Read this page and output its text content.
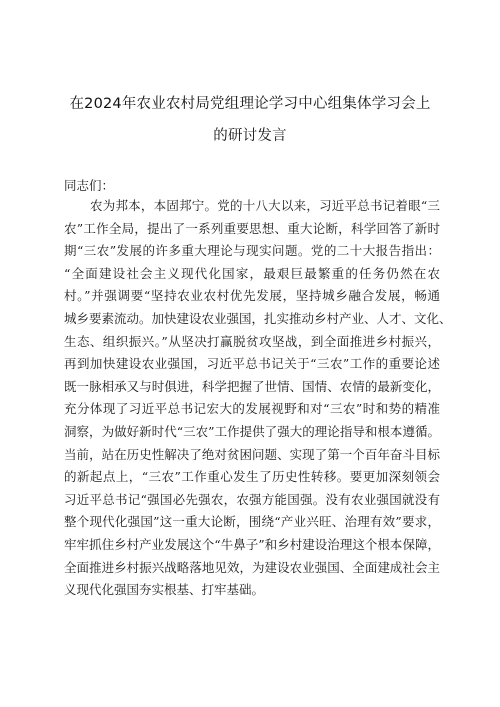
在2024年农业农村局党组理论学习中心组集体学习会上
的研讨发言
同志们：
农为邦本，本固邦宁。党的十八大以来，习近平总书记着眼“三
农”工作全局，提出了一系列重要思想、重大论断，科学回答了新时
期“三农”发展的许多重大理论与现实问题。党的二十大报告指出：
“全面建设社会主义现代化国家，最艰巨最繁重的任务仍然在农
村。”并强调要“坚持农业农村优先发展，坚持城乡融合发展，畅通
城乡要素流动。加快建设农业强国，扎实推动乡村产业、人才、文化、
生态、组织振兴。”从坚决打赢脱贫攻坚战，到全面推进乡村振兴，
再到加快建设农业强国，习近平总书记关于“三农”工作的重要论述
既一脉相承又与时俱进，科学把握了世情、国情、农情的最新变化，
充分体现了习近平总书记宏大的发展视野和对“三农”时和势的精准
洞察，为做好新时代“三农”工作提供了强大的理论指导和根本遵循。
当前，站在历史性解决了绝对贫困问题、实现了第一个百年奋斗目标
的新起点上，“三农”工作重心发生了历史性转移。要更加深刻领会
习近平总书记“强国必先强农，农强方能国强。没有农业强国就没有
整个现代化强国”这一重大论断，围绕“产业兴旺、治理有效”要求，
牢牢抓住乡村产业发展这个“牛鼻子”和乡村建设治理这个根本保障，
全面推进乡村振兴战略落地见效，为建设农业强国、全面建成社会主
义现代化强国夯实根基、打牢基础。
